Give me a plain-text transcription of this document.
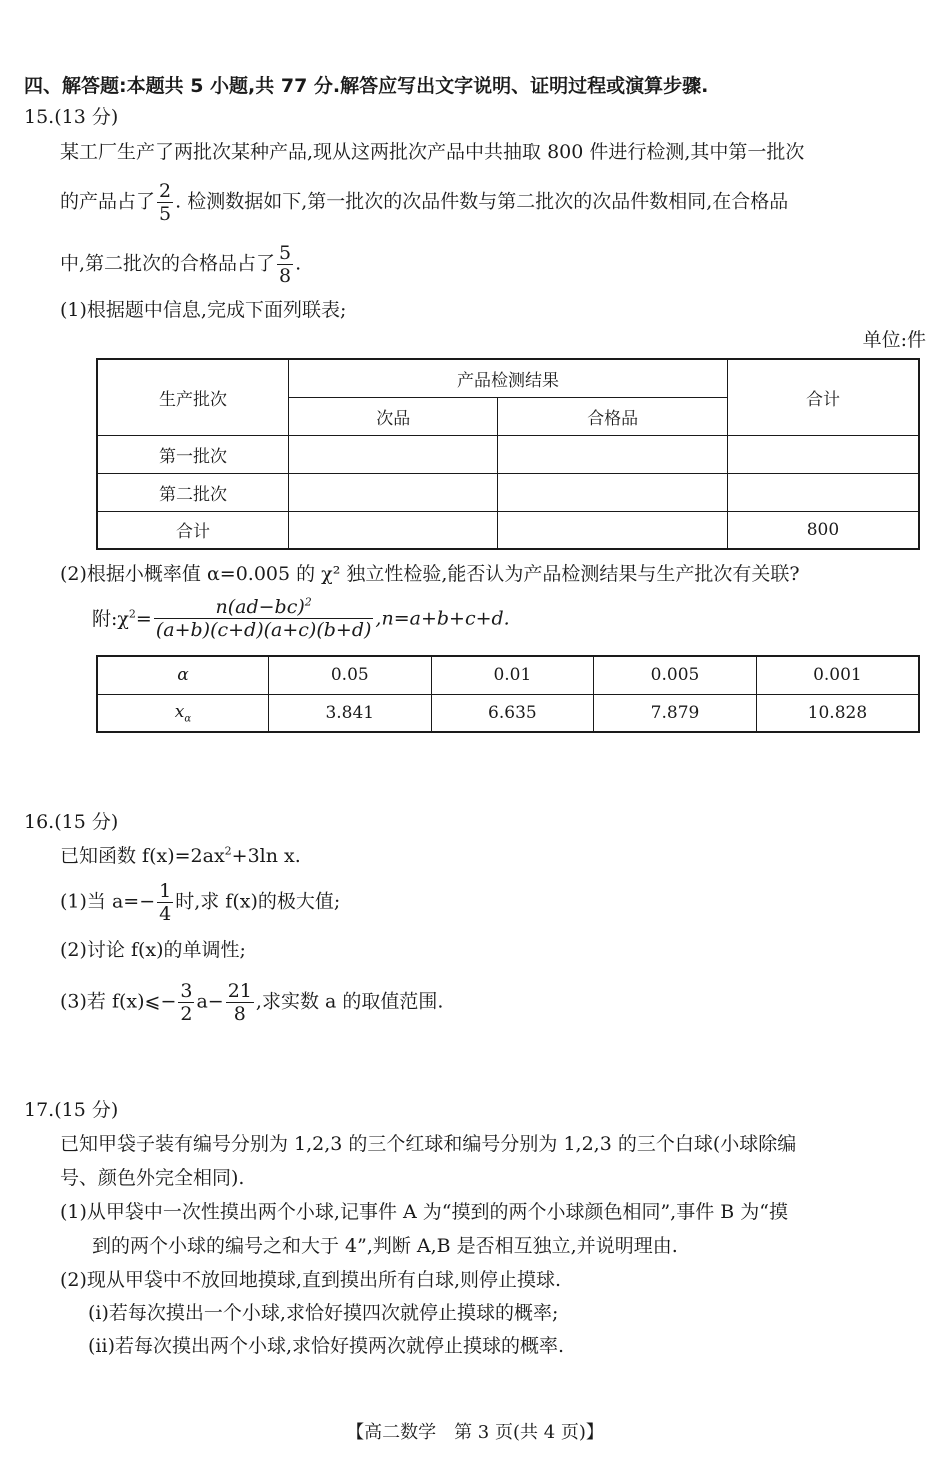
四、解答题:本题共 5 小题,共 77 分.解答应写出文字说明、证明过程或演算步骤.
15.(13 分)
某工厂生产了两批次某种产品,现从这两批次产品中共抽取 800 件进行检测,其中第一批次
的产品占了 $\frac{2}{5}$ . 检测数据如下,第一批次的次品件数与第二批次的次品件数相同,在合格品
中,第二批次的合格品占了 $\frac{5}{8}$ .
(1)根据题中信息,完成下面列联表;
单位:件
生产批次	产品检测结果		合计
	次品	合格品	
第一批次			
第二批次			
合计			800
(2)根据小概率值 α=0.005 的 χ² 独立性检验,能否认为产品检测结果与生产批次有关联?
附$:\chi^2= \frac{n(ad-bc)^2}{(a+b)(c+d)(a+c)(b+d)} ,n=a+b+c+d$.
α	0.05	0.01	0.005	0.001
$x_\alpha$	3.841	6.635	7.879	10.828
16.(15 分)
已知函数 $f(x)=2ax^2+3\ln$ x.
(1)当 $a=- \frac{1}{4}$ 时,求 f(x)的极大值;
(2)讨论 f(x)的单调性;
(3)若 f(x)⩽− $\frac{3}{2} a- \frac{21}{8}$ ,求实数 a 的取值范围.
17.(15 分)
已知甲袋子装有编号分别为 1,2,3 的三个红球和编号分别为 1,2,3 的三个白球(小球除编
号、颜色外完全相同).
(1)从甲袋中一次性摸出两个小球,记事件 A 为“摸到的两个小球颜色相同”,事件 B 为“摸
到的两个小球的编号之和大于 4”,判断 A,B 是否相互独立,并说明理由.
(2)现从甲袋中不放回地摸球,直到摸出所有白球,则停止摸球.
(ⅰ)若每次摸出一个小球,求恰好摸四次就停止摸球的概率;
(ⅱ)若每次摸出两个小球,求恰好摸两次就停止摸球的概率.
【高二数学　第 3 页(共 4 页)】
